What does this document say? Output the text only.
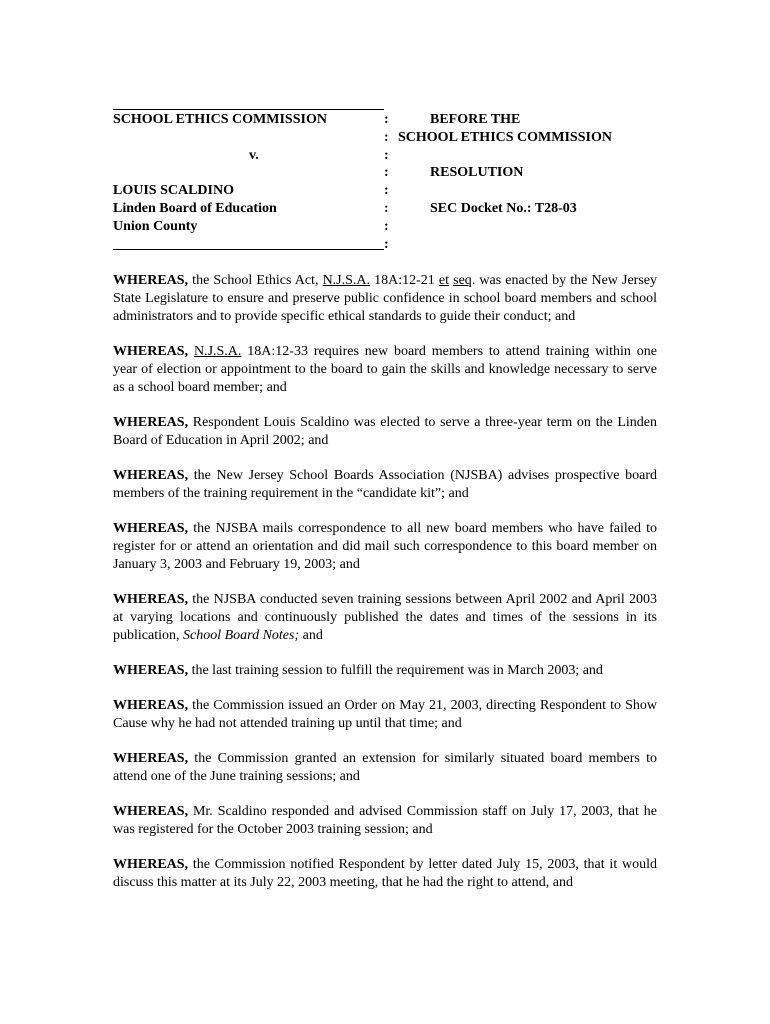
SCHOOL ETHICS COMMISSION
v.
LOUIS SCALDINO
Linden Board of Education
Union County
:
:
:
:
:
:
:
:
BEFORE THE
SCHOOL ETHICS COMMISSION
RESOLUTION
SEC Docket No.: T28-03

WHEREAS, the School Ethics Act, N.J.S.A. 18A:12-21 et seq. was enacted by the New Jersey State Legislature to ensure and preserve public confidence in school board members and school administrators and to provide specific ethical standards to guide their conduct; and

WHEREAS, N.J.S.A. 18A:12-33 requires new board members to attend training within one year of election or appointment to the board to gain the skills and knowledge necessary to serve as a school board member; and

WHEREAS, Respondent Louis Scaldino was elected to serve a three-year term on the Linden Board of Education in April 2002; and

WHEREAS, the New Jersey School Boards Association (NJSBA) advises prospective board members of the training requirement in the “candidate kit”; and

WHEREAS, the NJSBA mails correspondence to all new board members who have failed to register for or attend an orientation and did mail such correspondence to this board member on January 3, 2003 and February 19, 2003; and

WHEREAS, the NJSBA conducted seven training sessions between April 2002 and April 2003 at varying locations and continuously published the dates and times of the sessions in its publication, School Board Notes; and

WHEREAS, the last training session to fulfill the requirement was in March 2003; and

WHEREAS, the Commission issued an Order on May 21, 2003, directing Respondent to Show Cause why he had not attended training up until that time; and

WHEREAS, the Commission granted an extension for similarly situated board members to attend one of the June training sessions; and

WHEREAS, Mr. Scaldino responded and advised Commission staff on July 17, 2003, that he was registered for the October 2003 training session; and

WHEREAS, the Commission notified Respondent by letter dated July 15, 2003, that it would discuss this matter at its July 22, 2003 meeting, that he had the right to attend, and
